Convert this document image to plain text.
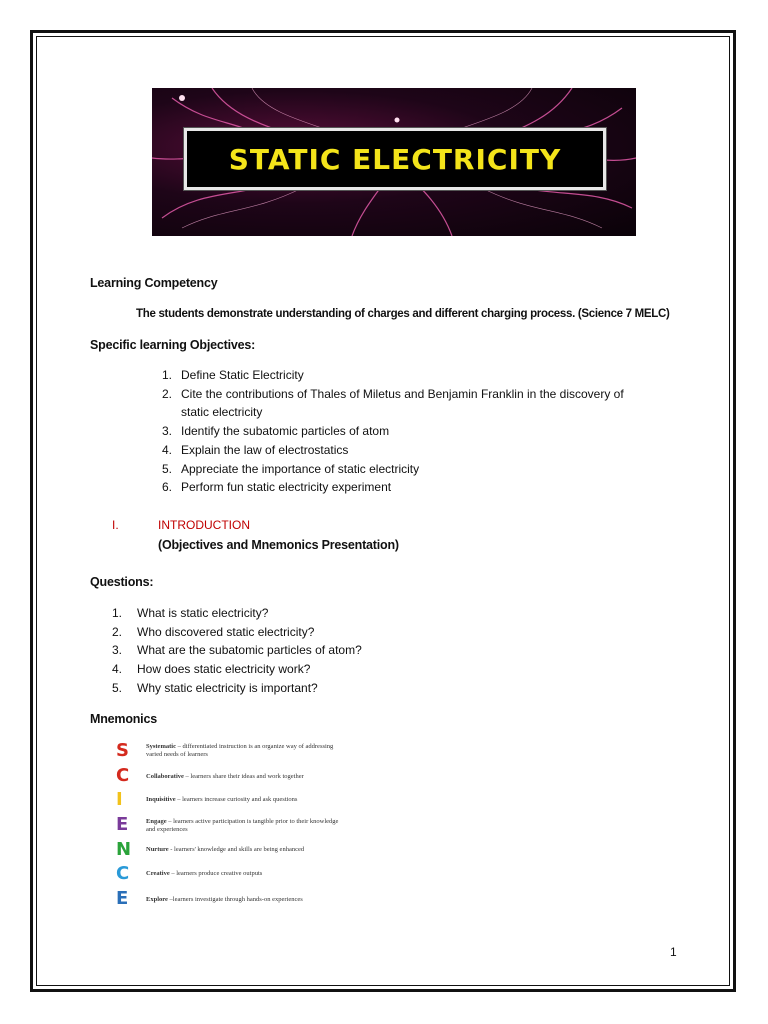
STATIC ELECTRICITY
Learning Competency
The students demonstrate understanding of charges and different charging process. (Science 7 MELC)
Specific learning Objectives:
1. Define Static Electricity
2. Cite the contributions of Thales of Miletus and Benjamin Franklin in the discovery of static electricity
3. Identify the subatomic particles of atom
4. Explain the law of electrostatics
5. Appreciate the importance of static electricity
6. Perform fun static electricity experiment
I.	INTRODUCTION
(Objectives and Mnemonics Presentation)
Questions:
1. What is static electricity?
2. Who discovered static electricity?
3. What are the subatomic particles of atom?
4. How does static electricity work?
5. Why static electricity is important?
Mnemonics
S	Systematic – differentiated instruction is an organize way of addressing varied needs of learners
C	Collaborative – learners share their ideas and work together
I	Inquisitive – learners increase curiosity and ask questions
E	Engage – learners active participation is tangible prior to their knowledge and experiences
N Nurture - learners' knowledge and skills are being enhanced
C	Creative – learners produce creative outputs
E	Explore –learners investigate through hands-on experiences
1
